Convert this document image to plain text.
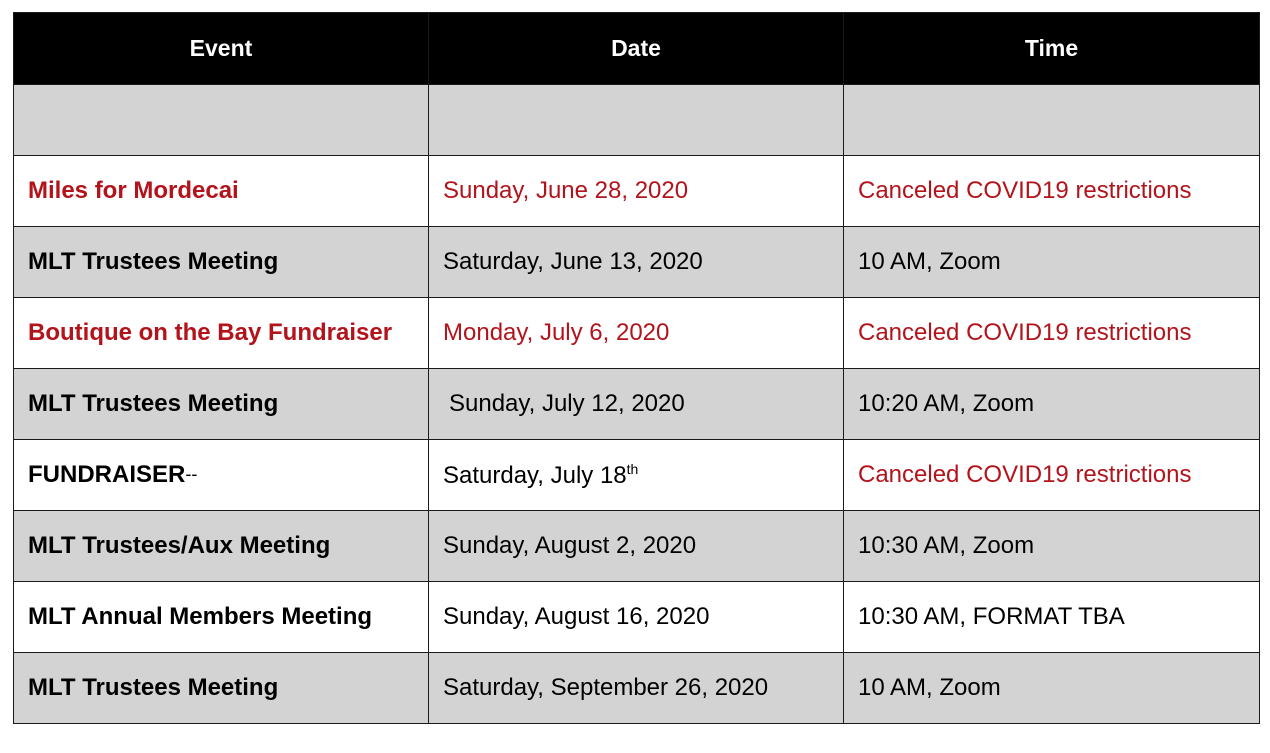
Event	Date	Time

Miles for Mordecai	Sunday, June 28, 2020	Canceled COVID19 restrictions
MLT Trustees Meeting	Saturday, June 13, 2020	10 AM, Zoom
Boutique on the Bay Fundraiser	Monday, July 6, 2020	Canceled COVID19 restrictions
MLT Trustees Meeting	Sunday, July 12, 2020	10:20 AM, Zoom
FUNDRAISER--	Saturday, July 18th	Canceled COVID19 restrictions
MLT Trustees/Aux Meeting	Sunday, August 2, 2020	10:30 AM, Zoom
MLT Annual Members Meeting	Sunday, August 16, 2020	10:30 AM, FORMAT TBA
MLT Trustees Meeting	Saturday, September 26, 2020	10 AM, Zoom
